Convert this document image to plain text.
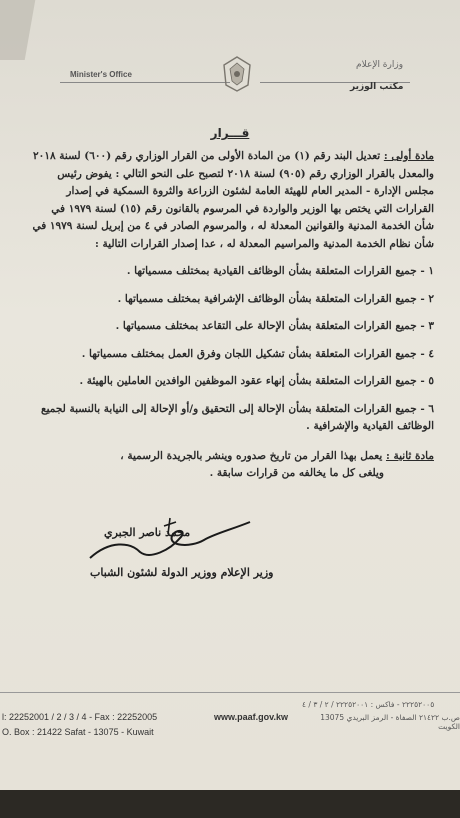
وزارة الإعلام
Minister's Office
مكتب الوزير
قـــرار

مادة أولى : تعديل البند رقم (١) من المادة الأولى من القرار الوزاري رقم (٦٠٠) لسنة ٢٠١٨ والمعدل بالقرار الوزاري رقم (٩٠٥) لسنة ٢٠١٨ لتصبح على النحو التالي : يفوض رئيس مجلس الإدارة - المدير العام للهيئة العامة لشئون الزراعة والثروة السمكية في إصدار القرارات التي يختص بها الوزير والواردة في المرسوم بالقانون رقم (١٥) لسنة ١٩٧٩ في شأن الخدمة المدنية والقوانين المعدلة له ، والمرسوم الصادر في ٤ من إبريل لسنة ١٩٧٩ في شأن نظام الخدمة المدنية والمراسيم المعدلة له ، عدا إصدار القرارات التالية :

١ - جميع القرارات المتعلقة بشأن الوظائف القيادية بمختلف مسمياتها .
٢ - جميع القرارات المتعلقة بشأن الوظائف الإشرافية بمختلف مسمياتها .
٣ - جميع القرارات المتعلقة بشأن الإحالة على التقاعد بمختلف مسمياتها .
٤ - جميع القرارات المتعلقة بشأن تشكيل اللجان وفرق العمل بمختلف مسمياتها .
٥ - جميع القرارات المتعلقة بشأن إنهاء عقود الموظفين الوافدين العاملين بالهيئة .
٦ - جميع القرارات المتعلقة بشأن الإحالة إلى التحقيق و/أو الإحالة إلى النيابة بالنسبة لجميع الوظائف القيادية والإشرافية .

مادة ثانية : يعمل بهذا القرار من تاريخ صدوره وينشر بالجريدة الرسمية ،

ويلغى كل ما يخالفه من قرارات سابقة .

محمد ناصر الجبري
وزير الإعلام ووزير الدولة لشئون الشباب
٢٢٢٥٢٠٠٥ - فاكس : ٢٢٢٥٢٠٠١ / ٢ / ٣ / ٤
ص.ب ٢١٤٢٢ الصفاة - الرمز البريدي 13075 الكويت
l: 22252001 / 2 / 3 / 4 - Fax : 22252005	www.paaf.gov.kw
O. Box : 21422 Safat - 13075 - Kuwait
